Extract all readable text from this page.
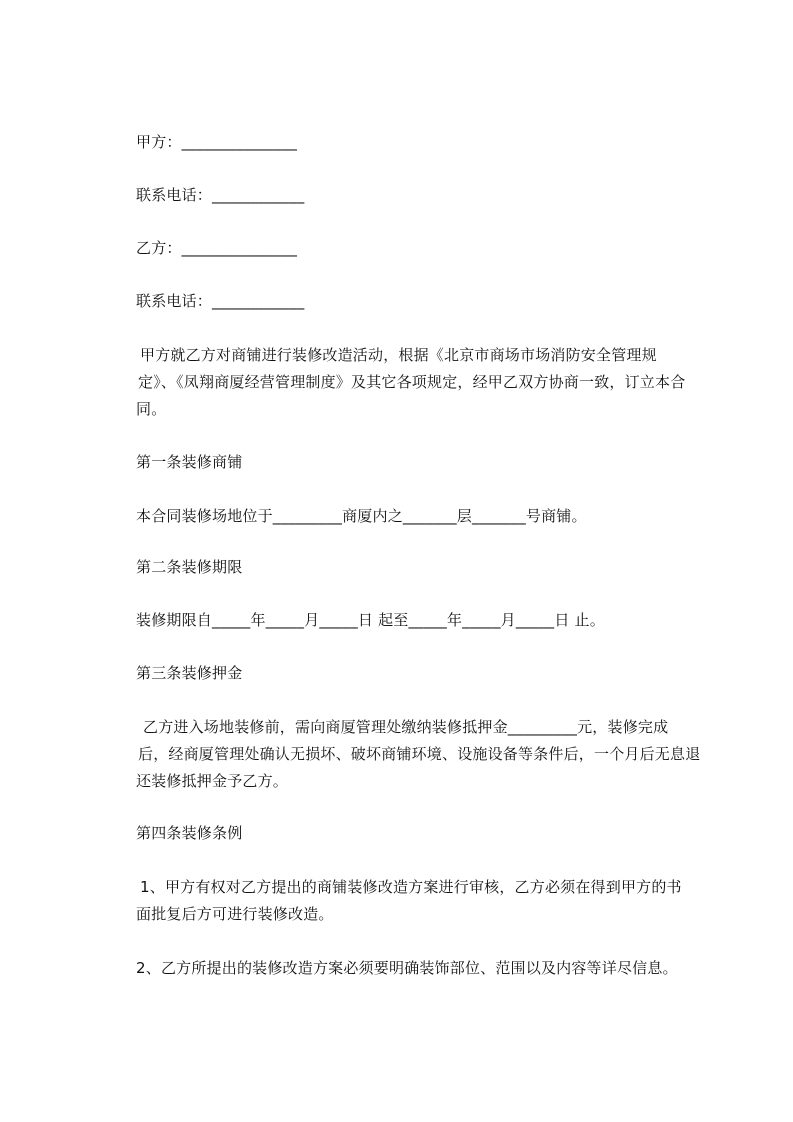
甲方：_______________
联系电话：____________
乙方：_______________
联系电话：____________
甲方就乙方对商铺进行装修改造活动，根据《北京市商场市场消防安全管理规
定》、《凤翔商厦经营管理制度》及其它各项规定，经甲乙双方协商一致，订立本合
同。
第一条装修商铺
本合同装修场地位于_________商厦内之_______层_______号商铺。
第二条装修期限
装修期限自_____年_____月_____日 起至_____年_____月_____日 止。
第三条装修押金
乙方进入场地装修前，需向商厦管理处缴纳装修抵押金_________元，装修完成
后，经商厦管理处确认无损坏、破坏商铺环境、设施设备等条件后，一个月后无息退
还装修抵押金予乙方。
第四条装修条例
1、甲方有权对乙方提出的商铺装修改造方案进行审核，乙方必须在得到甲方的书
面批复后方可进行装修改造。
2、乙方所提出的装修改造方案必须要明确装饰部位、范围以及内容等详尽信息。
